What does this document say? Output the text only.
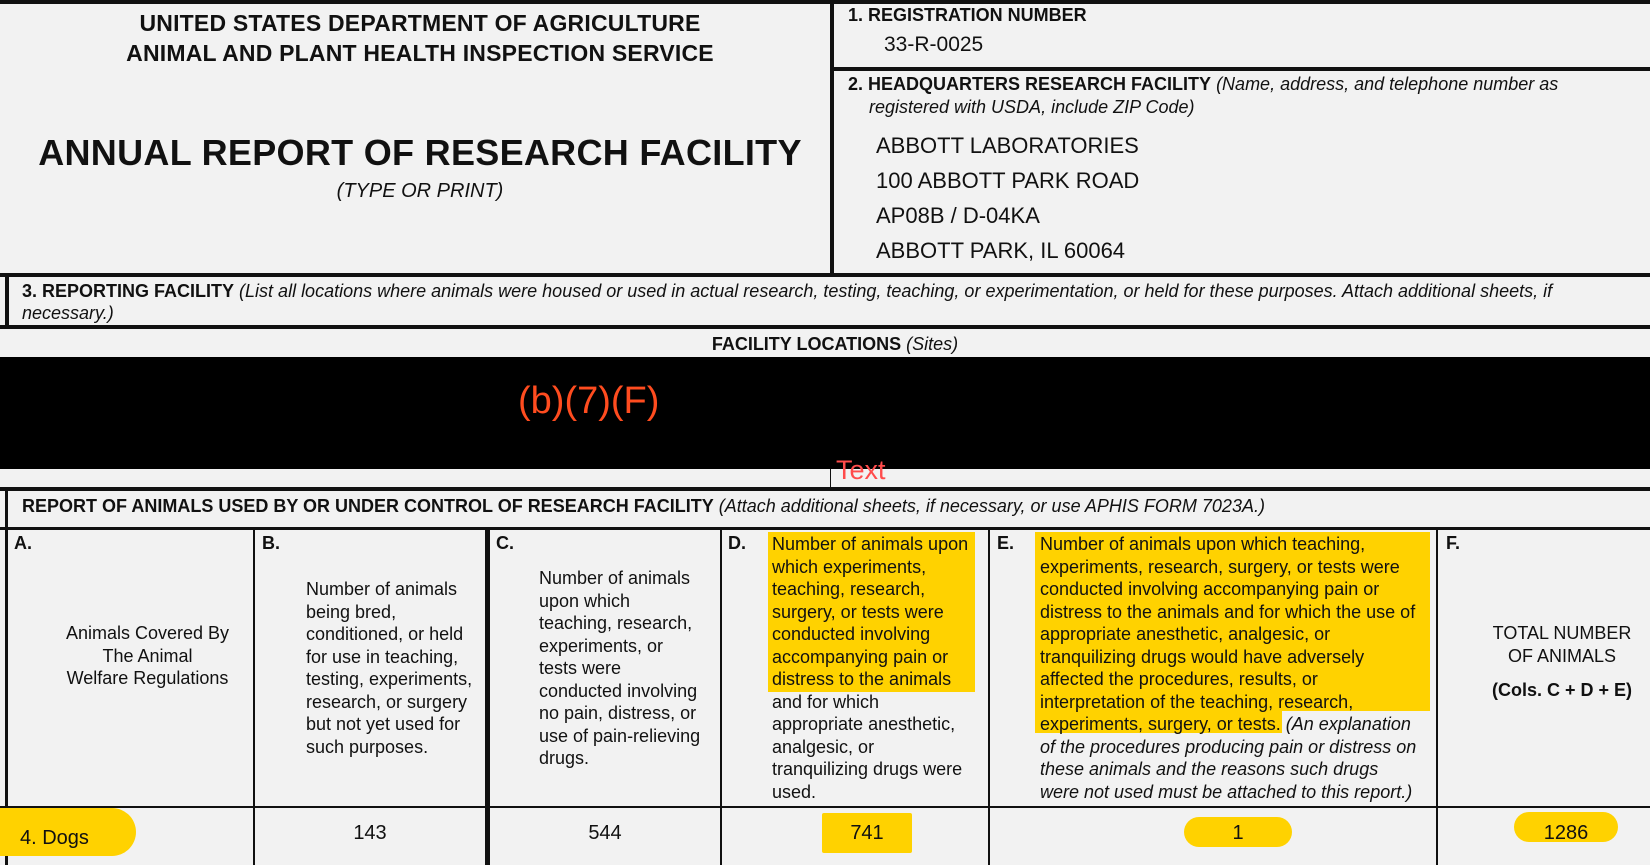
UNITED STATES DEPARTMENT OF AGRICULTURE
ANIMAL AND PLANT HEALTH INSPECTION SERVICE
ANNUAL REPORT OF RESEARCH FACILITY
(TYPE OR PRINT)
1. REGISTRATION NUMBER
33-R-0025
2. HEADQUARTERS RESEARCH FACILITY (Name, address, and telephone number as
registered with USDA, include ZIP Code)
ABBOTT LABORATORIES
100 ABBOTT PARK ROAD
AP08B / D-04KA
ABBOTT PARK, IL 60064
3. REPORTING FACILITY (List all locations where animals were housed or used in actual research, testing, teaching, or experimentation, or held for these purposes. Attach additional sheets, if
necessary.)
FACILITY LOCATIONS (Sites)
(b)(7)(F)
Text
REPORT OF ANIMALS USED BY OR UNDER CONTROL OF RESEARCH FACILITY (Attach additional sheets, if necessary, or use APHIS FORM 7023A.)
A.
Animals Covered By
The Animal
Welfare Regulations
B.
Number of animals
being bred,
conditioned, or held
for use in teaching,
testing, experiments,
research, or surgery
but not yet used for
such purposes.
C.
Number of animals
upon which
teaching, research,
experiments, or
tests were
conducted involving
no pain, distress, or
use of pain-relieving
drugs.
D. Number of animals upon
which experiments,
teaching, research,
surgery, or tests were
conducted involving
accompanying pain or
distress to the animals
and for which
appropriate anesthetic,
analgesic, or
tranquilizing drugs were
used.
E. Number of animals upon which teaching,
experiments, research, surgery, or tests were
conducted involving accompanying pain or
distress to the animals and for which the use of
appropriate anesthetic, analgesic, or
tranquilizing drugs would have adversely
affected the procedures, results, or
interpretation of the teaching, research,
experiments, surgery, or tests. (An explanation
of the procedures producing pain or distress on
these animals and the reasons such drugs
were not used must be attached to this report.)
F.
TOTAL NUMBER
OF ANIMALS
(Cols. C + D + E)
4. Dogs	143	544	741	1	1286
